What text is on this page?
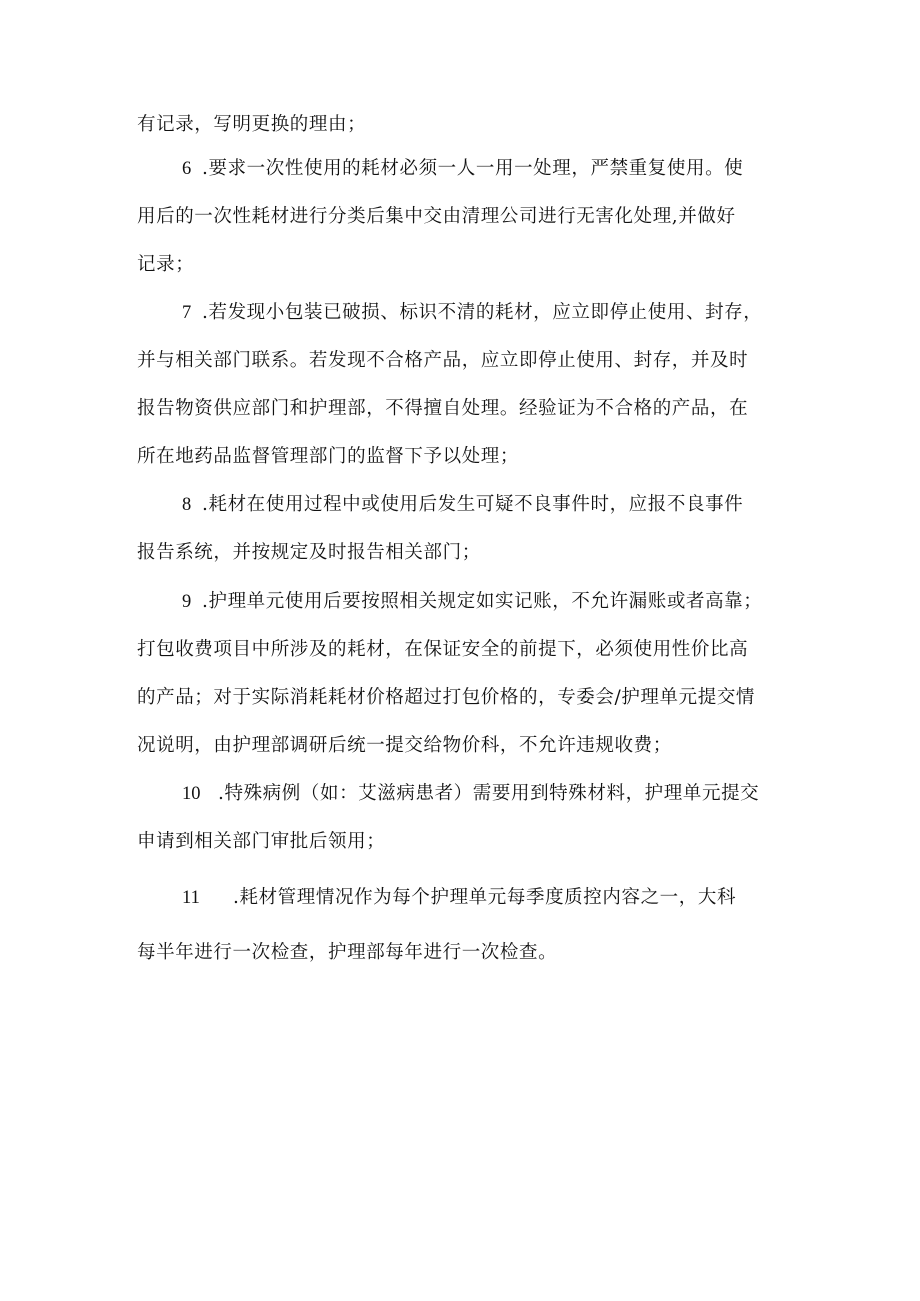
有记录，写明更换的理由；
6 .要求一次性使用的耗材必须一人一用一处理，严禁重复使用。使
用后的一次性耗材进行分类后集中交由清理公司进行无害化处理,并做好
记录；
7 .若发现小包装已破损、标识不清的耗材，应立即停止使用、封存，
并与相关部门联系。若发现不合格产品，应立即停止使用、封存，并及时
报告物资供应部门和护理部，不得擅自处理。经验证为不合格的产品，在
所在地药品监督管理部门的监督下予以处理；
8 .耗材在使用过程中或使用后发生可疑不良事件时，应报不良事件
报告系统，并按规定及时报告相关部门；
9 .护理单元使用后要按照相关规定如实记账，不允许漏账或者高靠；
打包收费项目中所涉及的耗材，在保证安全的前提下，必须使用性价比高
的产品；对于实际消耗耗材价格超过打包价格的，专委会/护理单元提交情
况说明，由护理部调研后统一提交给物价科，不允许违规收费；
10 .特殊病例（如：艾滋病患者）需要用到特殊材料，护理单元提交
申请到相关部门审批后领用；
11 .耗材管理情况作为每个护理单元每季度质控内容之一，大科
每半年进行一次检查，护理部每年进行一次检查。
